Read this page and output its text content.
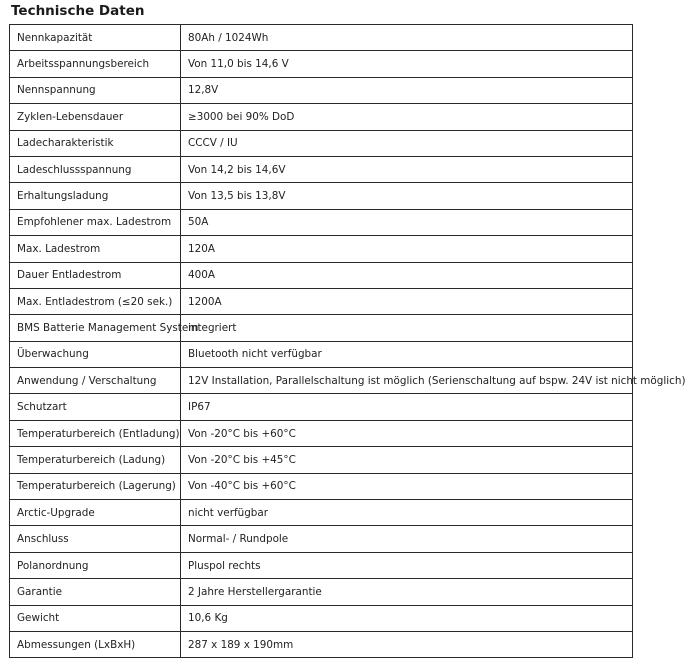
Technische Daten
Nennkapazität	80Ah / 1024Wh
Arbeitsspannungsbereich	Von 11,0 bis 14,6 V
Nennspannung	12,8V
Zyklen-Lebensdauer	≥3000 bei 90% DoD
Ladecharakteristik	CCCV / IU
Ladeschlussspannung	Von 14,2 bis 14,6V
Erhaltungsladung	Von 13,5 bis 13,8V
Empfohlener max. Ladestrom	50A
Max. Ladestrom	120A
Dauer Entladestrom	400A
Max. Entladestrom (≤20 sek.)	1200A
BMS Batterie Management System	integriert
Überwachung	Bluetooth nicht verfügbar
Anwendung / Verschaltung	12V Installation, Parallelschaltung ist möglich (Serienschaltung auf bspw. 24V ist nicht möglich)
Schutzart	IP67
Temperaturbereich (Entladung)	Von -20°C bis +60°C
Temperaturbereich (Ladung)	Von -20°C bis +45°C
Temperaturbereich (Lagerung)	Von -40°C bis +60°C
Arctic-Upgrade	nicht verfügbar
Anschluss	Normal- / Rundpole
Polanordnung	Pluspol rechts
Garantie	2 Jahre Herstellergarantie
Gewicht	10,6 Kg
Abmessungen (LxBxH)	287 x 189 x 190mm
